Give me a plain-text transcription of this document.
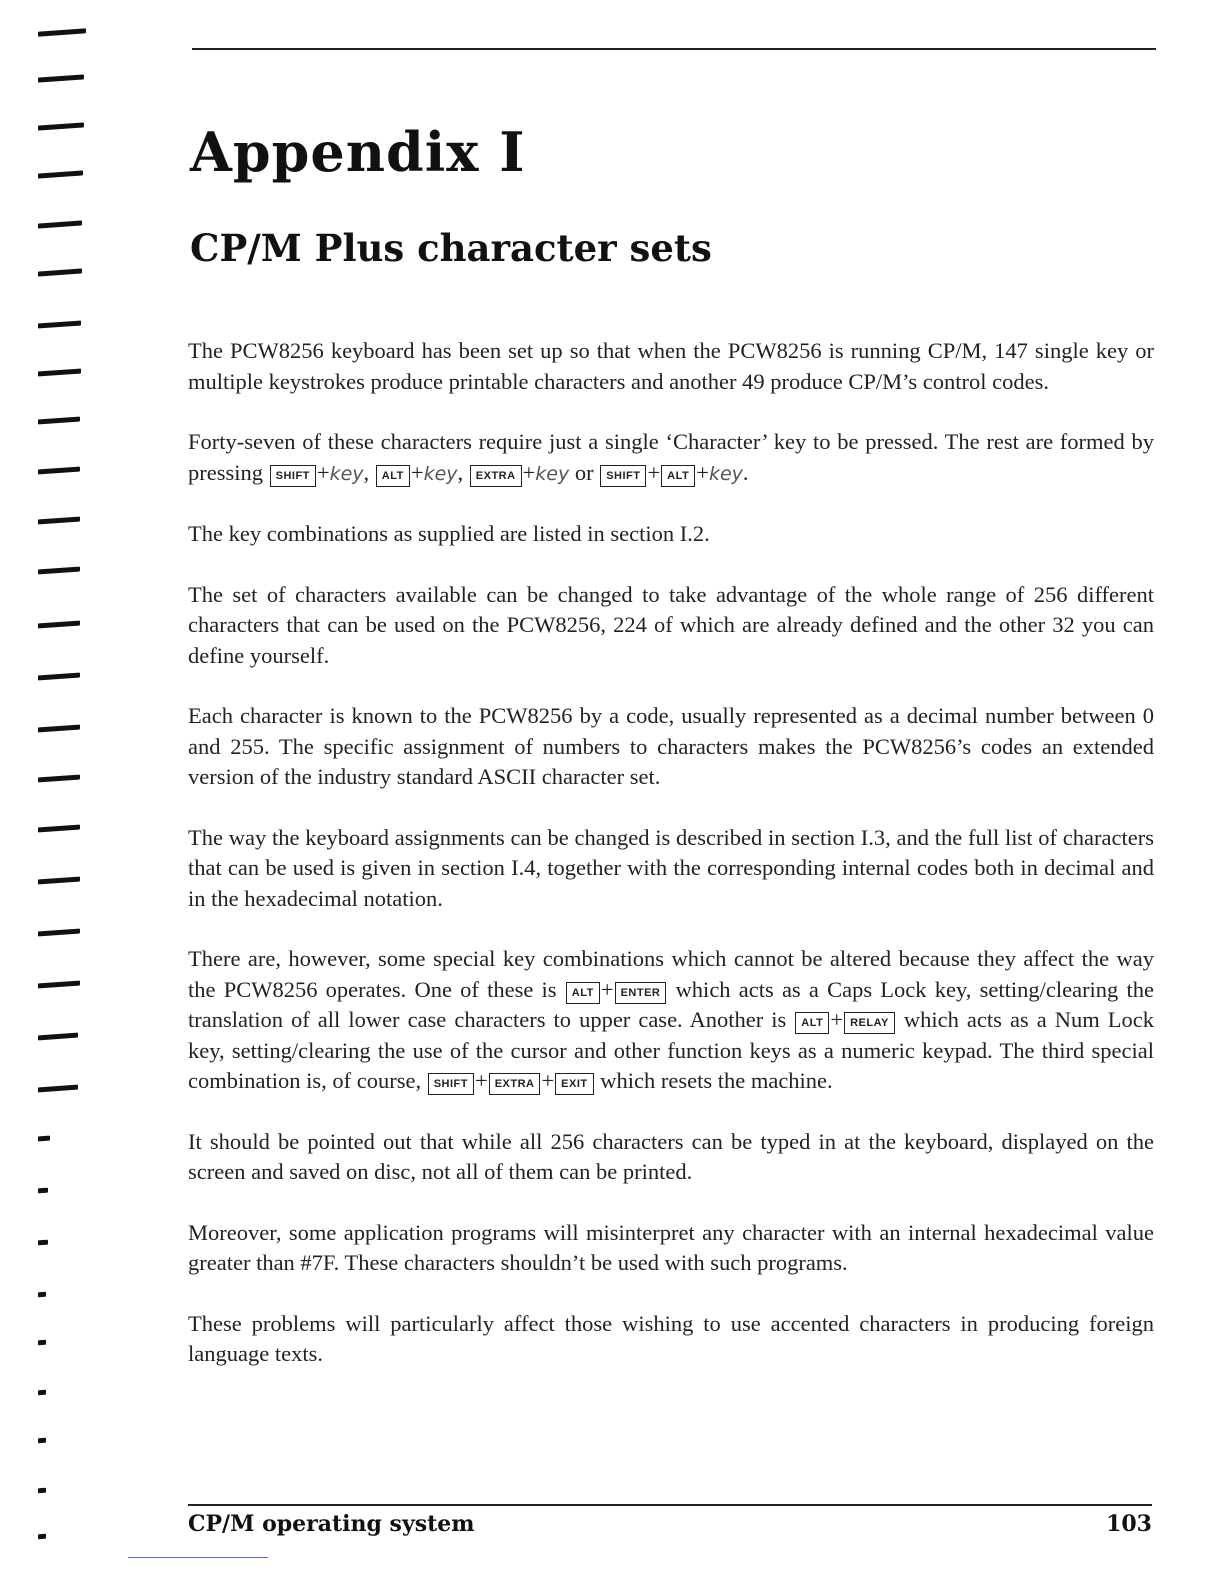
Appendix I
CP/M Plus character sets

The PCW8256 keyboard has been set up so that when the PCW8256 is running CP/M, 147 single key or multiple keystrokes produce printable characters and another 49 produce CP/M’s control codes.

Forty-seven of these characters require just a single ‘Character’ key to be pressed. The rest are formed by pressing SHIFT +key, ALT +key, EXTRA +key or SHIFT + ALT +key.

The key combinations as supplied are listed in section I.2.

The set of characters available can be changed to take advantage of the whole range of 256 different characters that can be used on the PCW8256, 224 of which are already defined and the other 32 you can define yourself.

Each character is known to the PCW8256 by a code, usually represented as a decimal number between 0 and 255. The specific assignment of numbers to characters makes the PCW8256’s codes an extended version of the industry standard ASCII character set.

The way the keyboard assignments can be changed is described in section I.3, and the full list of characters that can be used is given in section I.4, together with the corresponding internal codes both in decimal and in the hexadecimal notation.

There are, however, some special key combinations which cannot be altered because they affect the way the PCW8256 operates. One of these is ALT + ENTER which acts as a Caps Lock key, setting/clearing the translation of all lower case characters to upper case. Another is ALT + RELAY which acts as a Num Lock key, setting/clearing the use of the cursor and other function keys as a numeric keypad. The third special combination is, of course, SHIFT + EXTRA + EXIT which resets the machine.

It should be pointed out that while all 256 characters can be typed in at the keyboard, displayed on the screen and saved on disc, not all of them can be printed.

Moreover, some application programs will misinterpret any character with an internal hexadecimal value greater than #7F. These characters shouldn’t be used with such programs.

These problems will particularly affect those wishing to use accented characters in producing foreign language texts.

CP/M operating system	103
